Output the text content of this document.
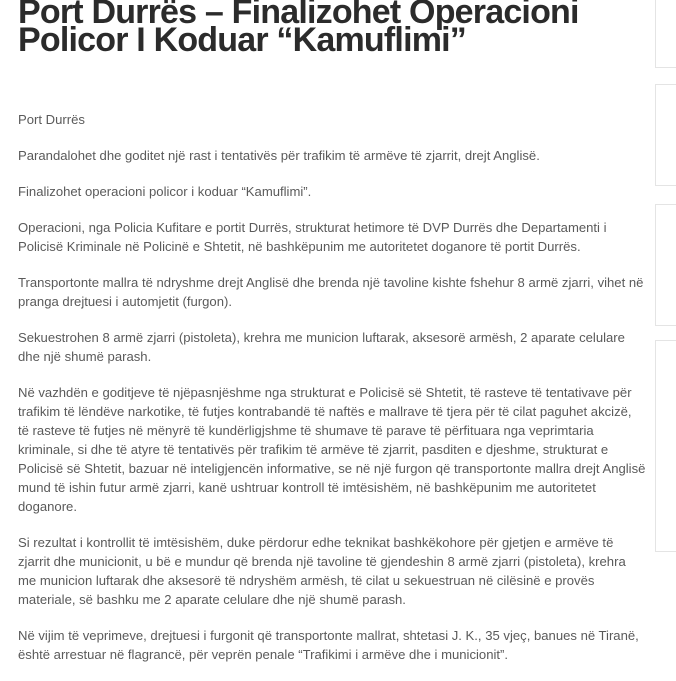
Port Durrës – Finalizohet Operacioni Policor I Koduar “Kamuflimi”

Port Durrës

Parandalohet dhe goditet një rast i tentativës për trafikim të armëve të zjarrit, drejt Anglisë.

Finalizohet operacioni policor i koduar “Kamuflimi”.

Operacioni, nga Policia Kufitare e portit Durrës, strukturat hetimore të DVP Durrës dhe Departamenti i Policisë Kriminale në Policinë e Shtetit, në bashkëpunim me autoritetet doganore të portit Durrës.

Transportonte mallra të ndryshme drejt Anglisë dhe brenda një tavoline kishte fshehur 8 armë zjarri, vihet në pranga drejtuesi i automjetit (furgon).

Sekuestrohen 8 armë zjarri (pistoleta), krehra me municion luftarak, aksesorë armësh, 2 aparate celulare dhe një shumë parash.

Në vazhdën e goditjeve të njëpasnjëshme nga strukturat e Policisë së Shtetit, të rasteve të tentativave për trafikim të lëndëve narkotike, të futjes kontrabandë të naftës e mallrave të tjera për të cilat paguhet akcizë, të rasteve të futjes në mënyrë të kundërligjshme të shumave të parave të përfituara nga veprimtaria kriminale, si dhe të atyre të tentativës për trafikim të armëve të zjarrit, pasditen e djeshme, strukturat e Policisë së Shtetit, bazuar në inteligjencën informative, se në një furgon që transportonte mallra drejt Anglisë mund të ishin futur armë zjarri, kanë ushtruar kontroll të imtësishëm, në bashkëpunim me autoritetet doganore.

Si rezultat i kontrollit të imtësishëm, duke përdorur edhe teknikat bashkëkohore për gjetjen e armëve të zjarrit dhe municionit, u bë e mundur që brenda një tavoline të gjendeshin 8 armë zjarri (pistoleta), krehra me municion luftarak dhe aksesorë të ndryshëm armësh, të cilat u sekuestruan në cilësinë e provës materiale, së bashku me 2 aparate celulare dhe një shumë parash.

Në vijim të veprimeve, drejtuesi i furgonit që transportonte mallrat, shtetasi J. K., 35 vjeç, banues në Tiranë, është arrestuar në flagrancë, për veprën penale “Trafikimi i armëve dhe i municionit”.
